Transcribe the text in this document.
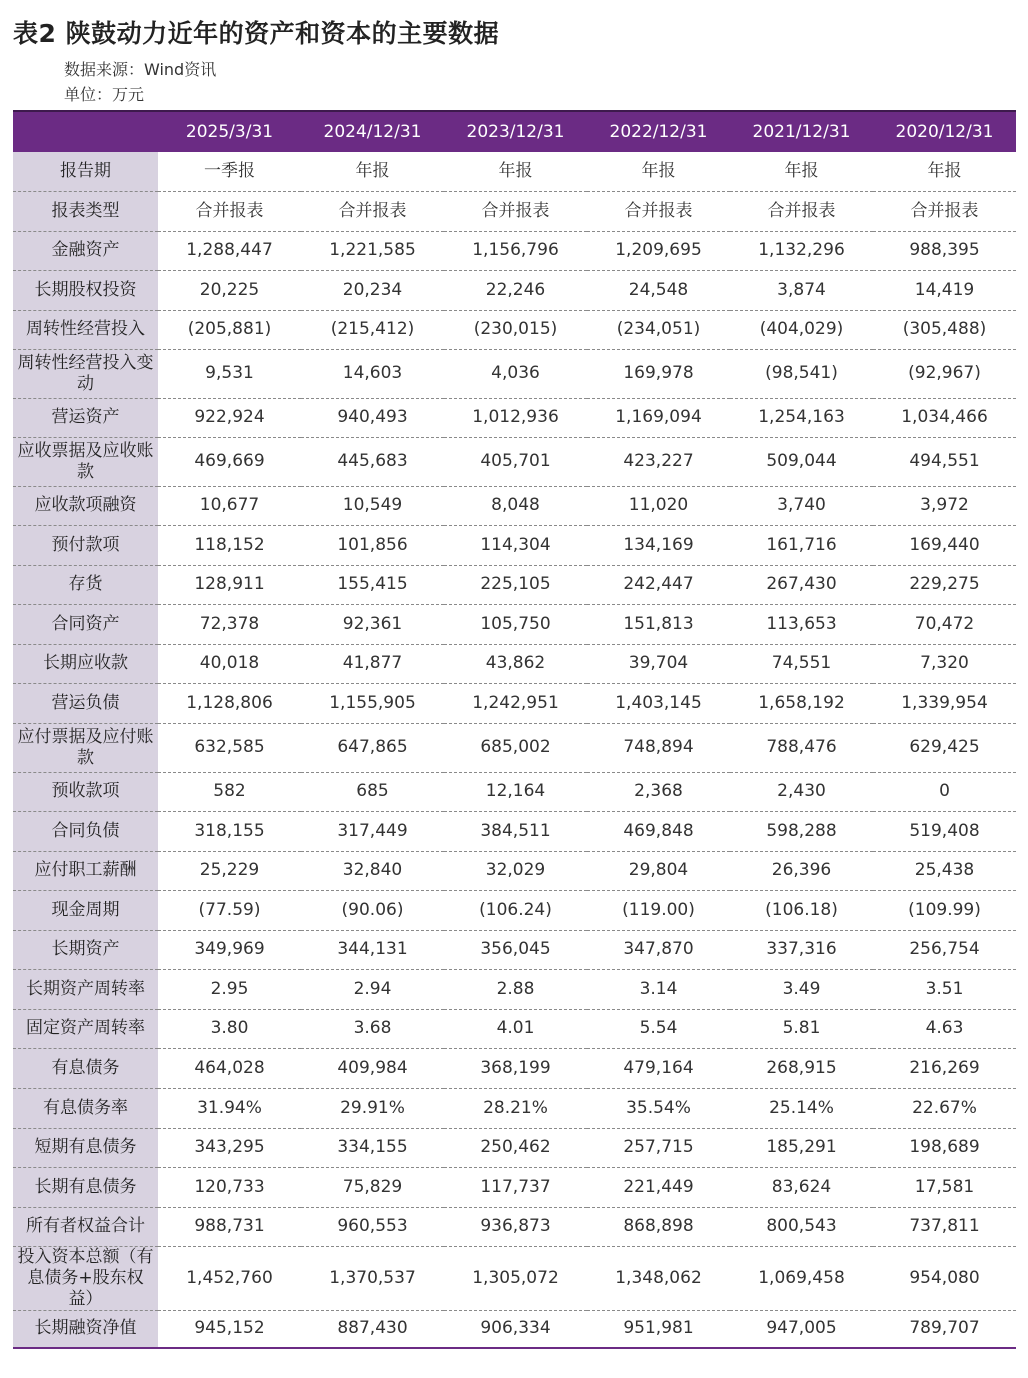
表2 陕鼓动力近年的资产和资本的主要数据
数据来源：Wind资讯
单位：万元
	2025/3/31	2024/12/31	2023/12/31	2022/12/31	2021/12/31	2020/12/31
报告期	一季报	年报	年报	年报	年报	年报
报表类型	合并报表	合并报表	合并报表	合并报表	合并报表	合并报表
金融资产	1,288,447	1,221,585	1,156,796	1,209,695	1,132,296	988,395
长期股权投资	20,225	20,234	22,246	24,548	3,874	14,419
周转性经营投入	(205,881)	(215,412)	(230,015)	(234,051)	(404,029)	(305,488)
周转性经营投入变动	9,531	14,603	4,036	169,978	(98,541)	(92,967)
营运资产	922,924	940,493	1,012,936	1,169,094	1,254,163	1,034,466
应收票据及应收账款	469,669	445,683	405,701	423,227	509,044	494,551
应收款项融资	10,677	10,549	8,048	11,020	3,740	3,972
预付款项	118,152	101,856	114,304	134,169	161,716	169,440
存货	128,911	155,415	225,105	242,447	267,430	229,275
合同资产	72,378	92,361	105,750	151,813	113,653	70,472
长期应收款	40,018	41,877	43,862	39,704	74,551	7,320
营运负债	1,128,806	1,155,905	1,242,951	1,403,145	1,658,192	1,339,954
应付票据及应付账款	632,585	647,865	685,002	748,894	788,476	629,425
预收款项	582	685	12,164	2,368	2,430	0
合同负债	318,155	317,449	384,511	469,848	598,288	519,408
应付职工薪酬	25,229	32,840	32,029	29,804	26,396	25,438
现金周期	(77.59)	(90.06)	(106.24)	(119.00)	(106.18)	(109.99)
长期资产	349,969	344,131	356,045	347,870	337,316	256,754
长期资产周转率	2.95	2.94	2.88	3.14	3.49	3.51
固定资产周转率	3.80	3.68	4.01	5.54	5.81	4.63
有息债务	464,028	409,984	368,199	479,164	268,915	216,269
有息债务率	31.94%	29.91%	28.21%	35.54%	25.14%	22.67%
短期有息债务	343,295	334,155	250,462	257,715	185,291	198,689
长期有息债务	120,733	75,829	117,737	221,449	83,624	17,581
所有者权益合计	988,731	960,553	936,873	868,898	800,543	737,811
投入资本总额（有息债务+股东权益）	1,452,760	1,370,537	1,305,072	1,348,062	1,069,458	954,080
长期融资净值	945,152	887,430	906,334	951,981	947,005	789,707
